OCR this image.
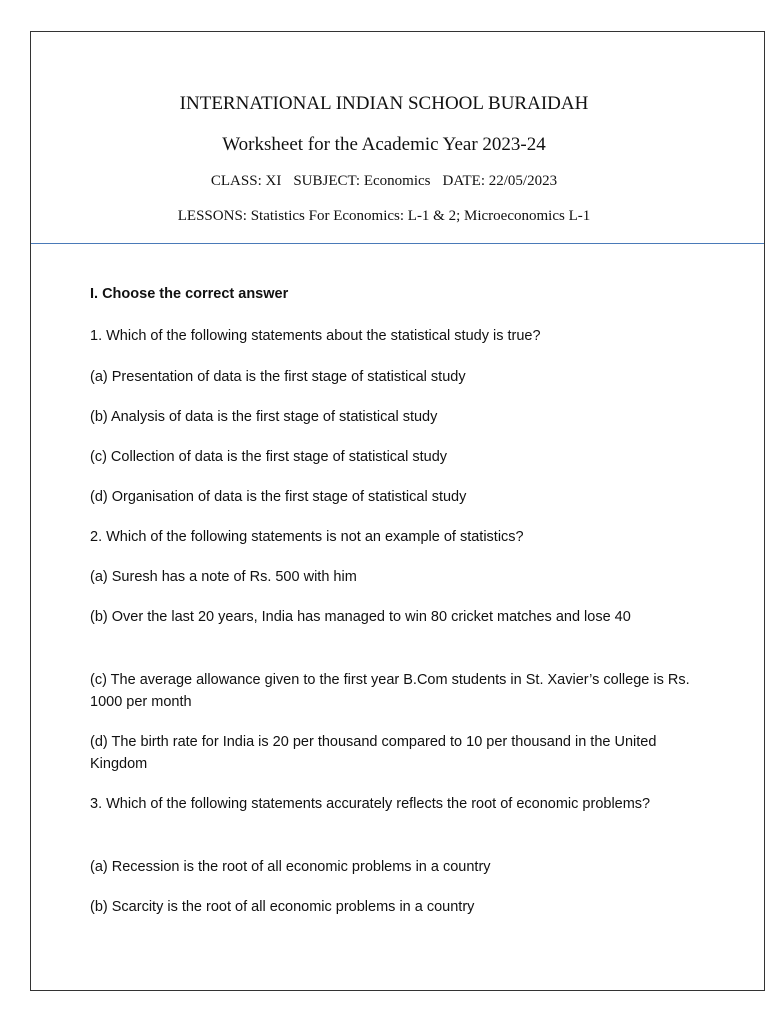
INTERNATIONAL INDIAN SCHOOL BURAIDAH
Worksheet for the Academic Year 2023-24
CLASS: XI SUBJECT: Economics DATE: 22/05/2023
LESSONS: Statistics For Economics: L-1 & 2; Microeconomics L-1
I. Choose the correct answer
1. Which of the following statements about the statistical study is true?
(a) Presentation of data is the first stage of statistical study
(b) Analysis of data is the first stage of statistical study
(c) Collection of data is the first stage of statistical study
(d) Organisation of data is the first stage of statistical study
2. Which of the following statements is not an example of statistics?
(a) Suresh has a note of Rs. 500 with him
(b) Over the last 20 years, India has managed to win 80 cricket matches and lose 40
(c) The average allowance given to the first year B.Com students in St. Xavier’s college is Rs. 1000 per month
(d) The birth rate for India is 20 per thousand compared to 10 per thousand in the United Kingdom
3. Which of the following statements accurately reflects the root of economic problems?
(a) Recession is the root of all economic problems in a country
(b) Scarcity is the root of all economic problems in a country
